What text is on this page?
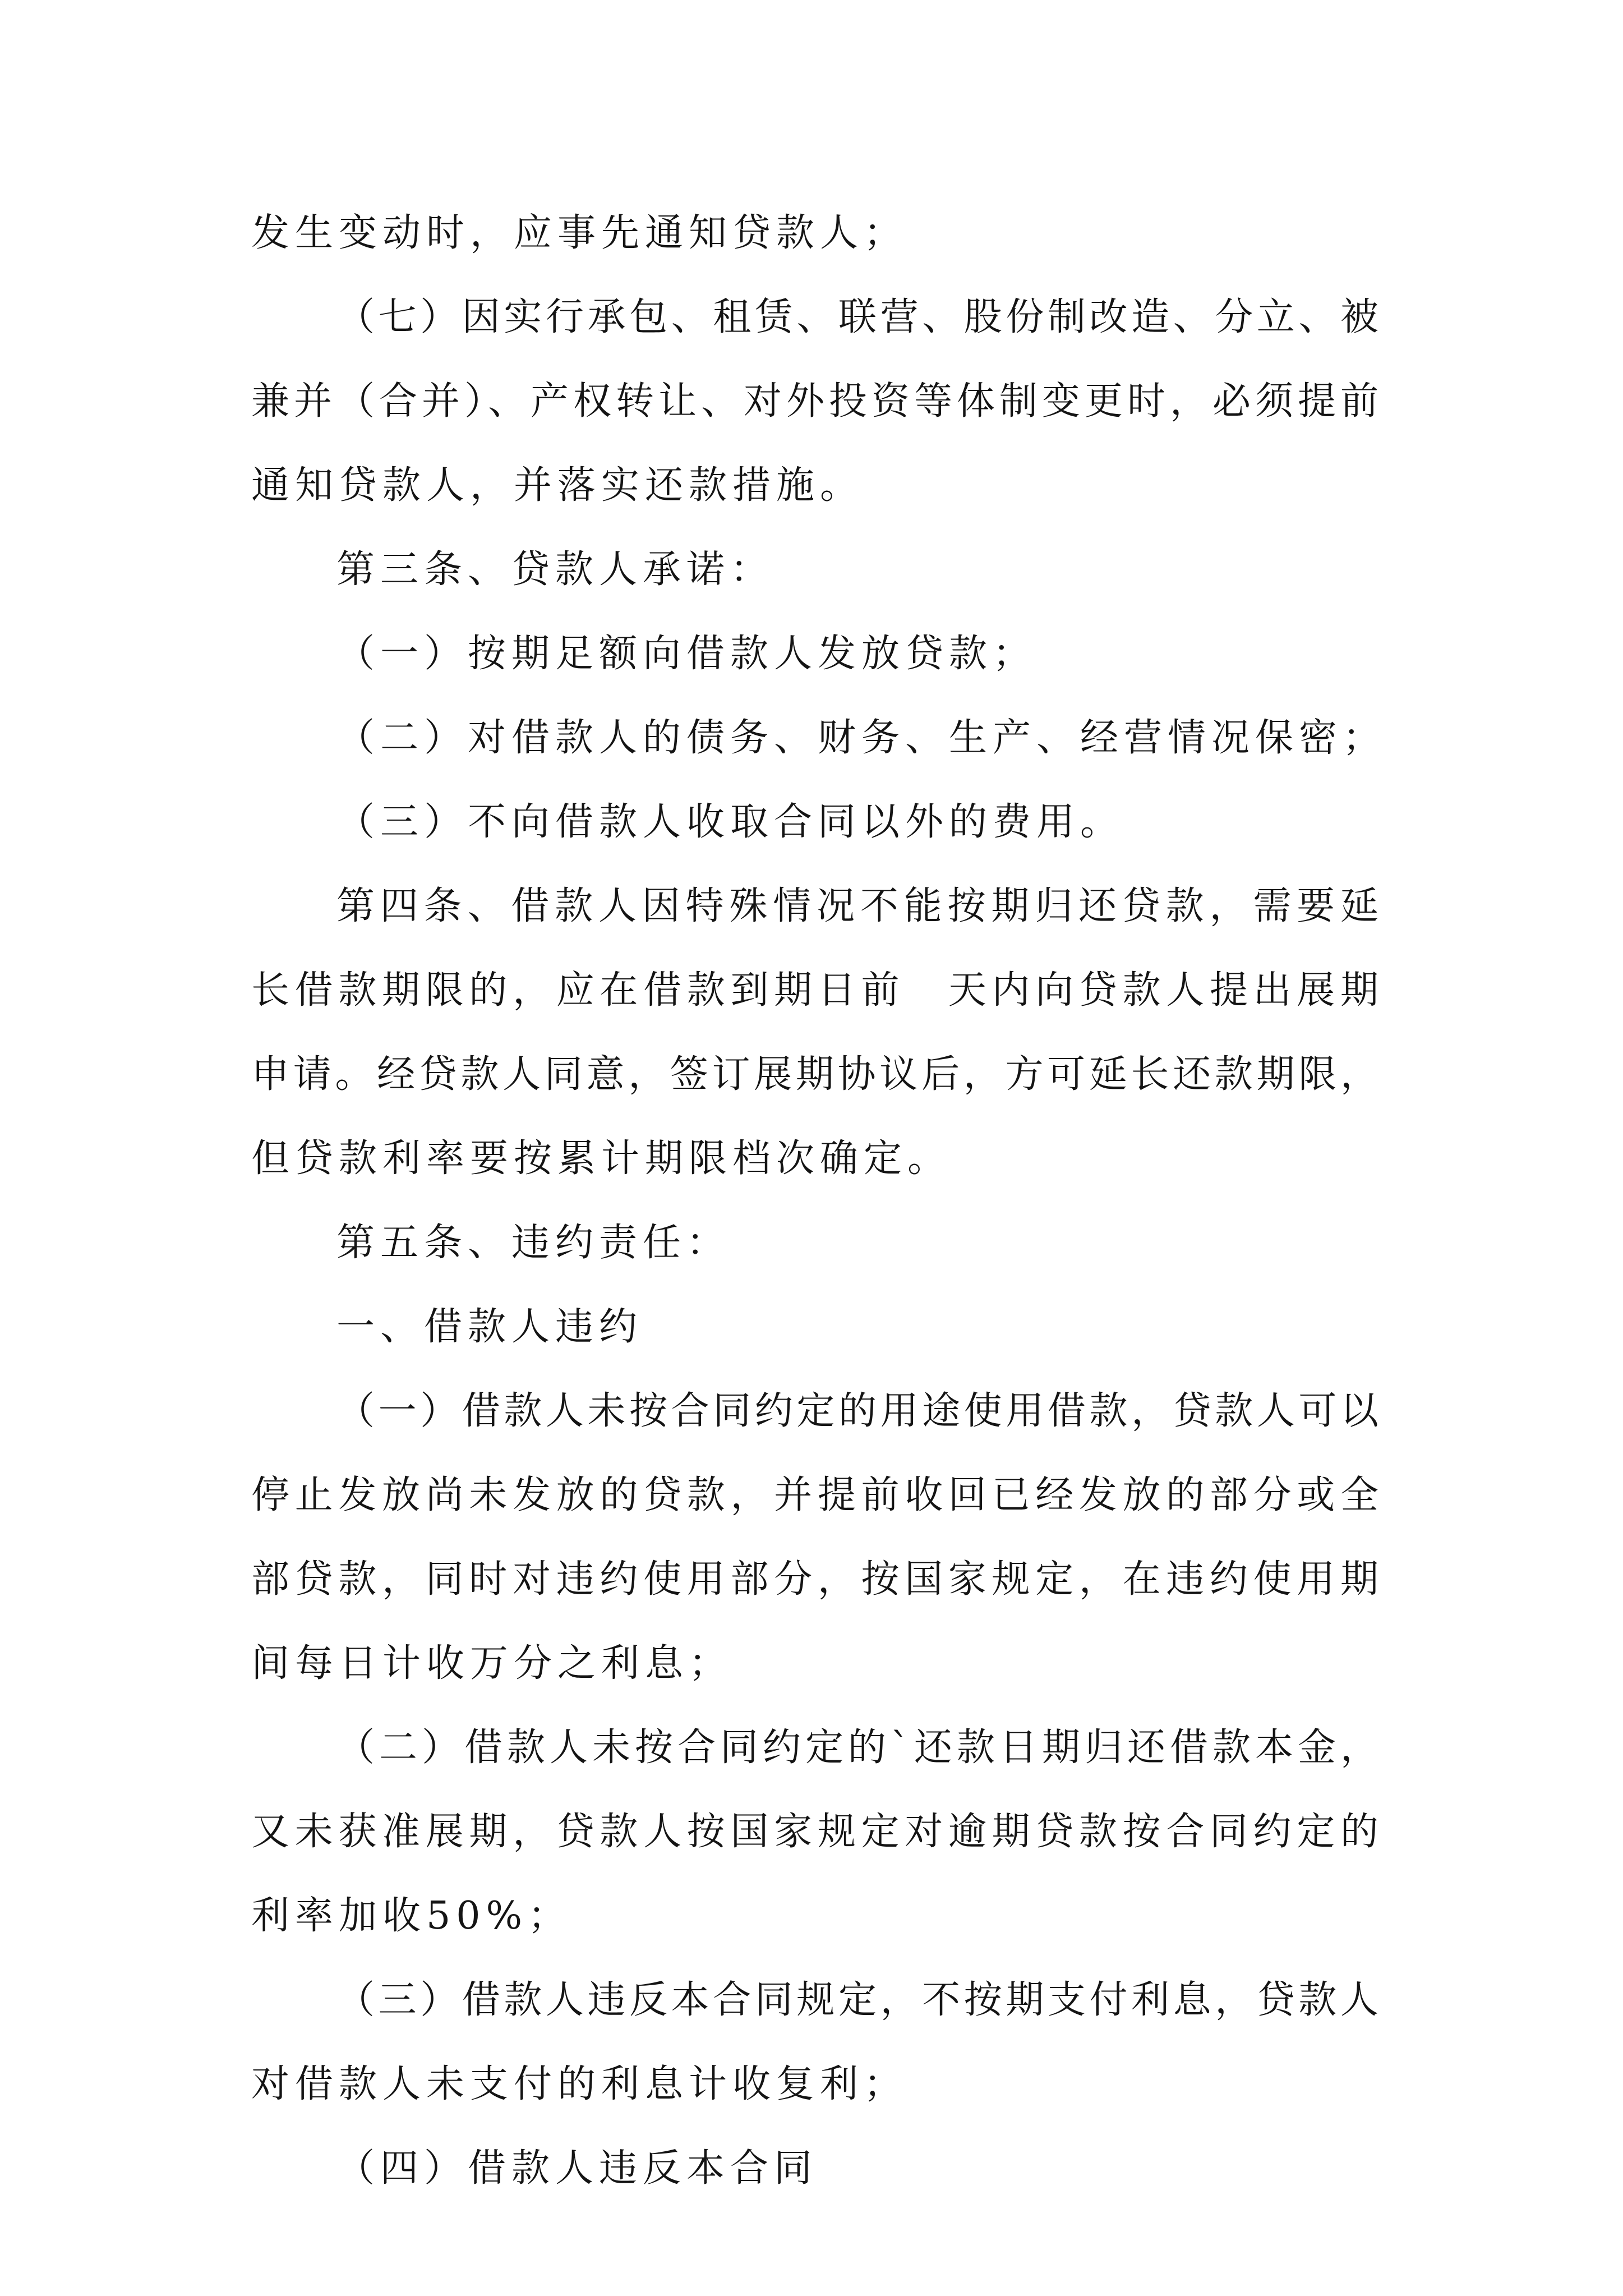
发生变动时，应事先通知贷款人；

（七）因实行承包、租赁、联营、股份制改造、分立、被

兼并（合并）、产权转让、对外投资等体制变更时，必须提前

通知贷款人，并落实还款措施。

第三条、贷款人承诺：

（一）按期足额向借款人发放贷款；

（二）对借款人的债务、财务、生产、经营情况保密；

（三）不向借款人收取合同以外的费用。

第四条、借款人因特殊情况不能按期归还贷款，需要延

长借款期限的，应在借款到期日前　天内向贷款人提出展期

申请。经贷款人同意，签订展期协议后，方可延长还款期限，

但贷款利率要按累计期限档次确定。

第五条、违约责任：

一、借款人违约

（一）借款人未按合同约定的用途使用借款，贷款人可以

停止发放尚未发放的贷款，并提前收回已经发放的部分或全

部贷款，同时对违约使用部分，按国家规定，在违约使用期

间每日计收万分之利息；

（二）借款人未按合同约定的`还款日期归还借款本金，

又未获准展期，贷款人按国家规定对逾期贷款按合同约定的

利率加收50%；

（三）借款人违反本合同规定，不按期支付利息，贷款人

对借款人未支付的利息计收复利；

（四）借款人违反本合同
